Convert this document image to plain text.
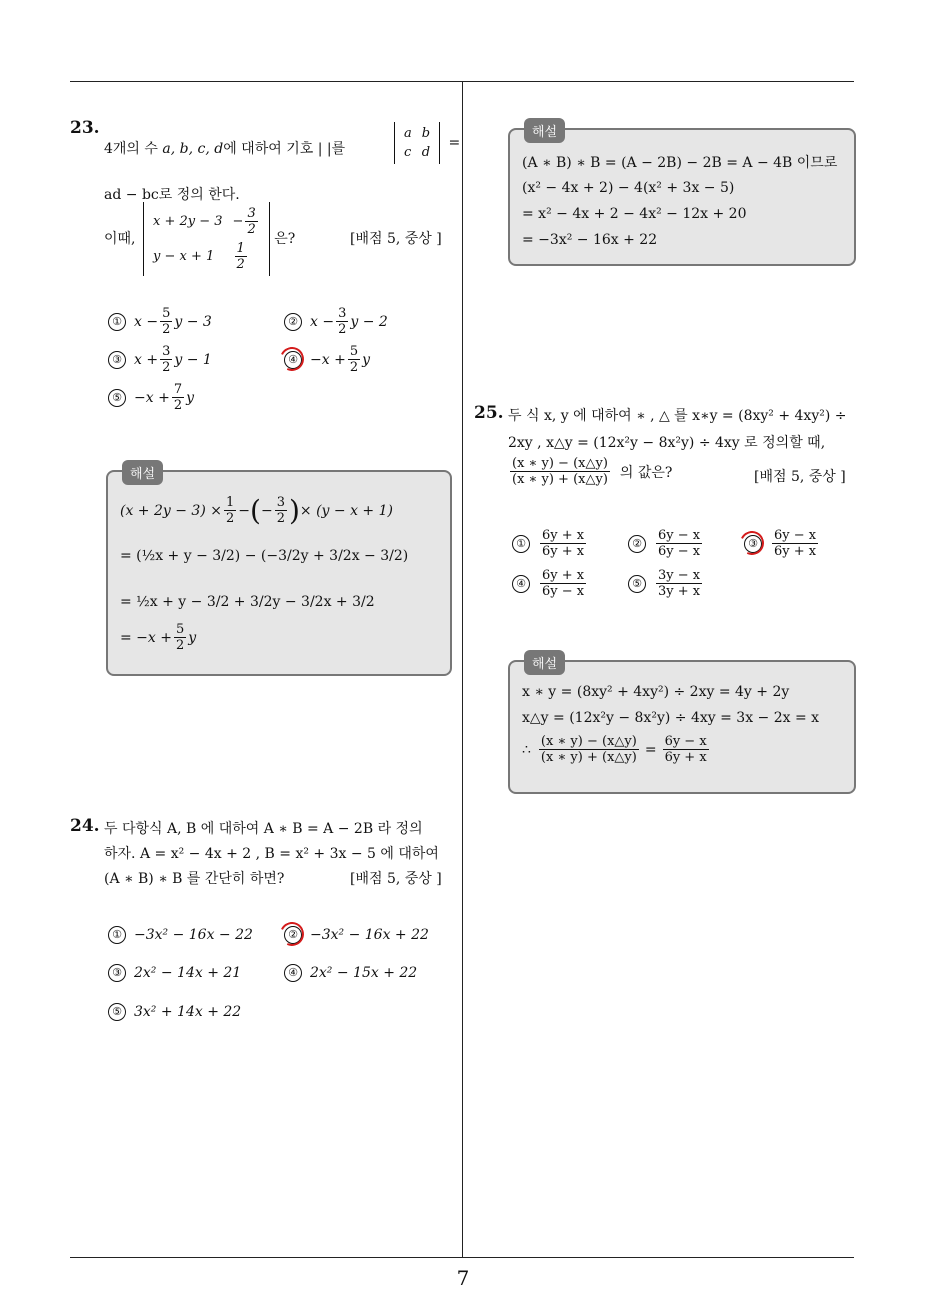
7
23.
4개의 수 a, b, c, d에 대하여 기호 | |를
a	b
c	d
=
ad − bc로 정의 한다.
이때,
x + 2y − 3	− $\frac{3}{2}$

y − x + 1	$\frac{1}{2}$
은?	[배점 5, 중상 ]
① $x - \frac{5}{2}$ y − 3	② $x - \frac{3}{2}$ y − 2
③ $x + \frac{3}{2}$ y − 1	④ $-x + \frac{5}{2}$ y
⑤ $-x + \frac{7}{2}$ y
해설
$(x + 2y - 3) \times \frac{1}{2}$ − ( − $\frac{3}{2}$ ) × (y − x + 1)
= (½x + y − 3/2) − (−3/2y + 3/2x − 3/2)
= ½x + y − 3/2 + 3/2y − 3/2x + 3/2
= $-x + \frac{5}{2}$ y
24. 두 다항식 A, B 에 대하여 A ∗ B = A − 2B 라 정의
하자. A = x² − 4x + 2 , B = x² + 3x − 5 에 대하여
(A ∗ B) ∗ B 를 간단히 하면?	[배점 5, 중상 ]
① −3x² − 16x − 22	② −3x² − 16x + 22
③ 2x² − 14x + 21	④ 2x² − 15x + 22
⑤ 3x² + 14x + 22
해설
(A ∗ B) ∗ B = (A − 2B) − 2B = A − 4B 이므로
(x² − 4x + 2) − 4(x² + 3x − 5)
= x² − 4x + 2 − 4x² − 12x + 20
= −3x² − 16x + 22
25. 두 식 x, y 에 대하여 ∗ , △ 를 x∗y = (8xy² + 4xy²) ÷
2xy , x△y = (12x²y − 8x²y) ÷ 4xy 로 정의할 때,
$\frac{(x ∗ y) - (x\triangle y)}{(x ∗ y) + (x\triangle y)}$ 의 값은?	[배점 5, 중상 ]
①	$\frac{6y + x}{6y + x}$	②	$\frac{6y - x}{6y - x}$	③	$\frac{6y - x}{6y + x}$
④	$\frac{6y + x}{6y - x}$	⑤	$\frac{3y - x}{3y + x}$
해설
x ∗ y = (8xy² + 4xy²) ÷ 2xy = 4y + 2y
x△y = (12x²y − 8x²y) ÷ 4xy = 3x − 2x = x
∴ $\frac{(x ∗ y) - (x\triangle y)}{(x ∗ y) + (x\triangle y)} = \frac{6y - x}{6y + x}$
